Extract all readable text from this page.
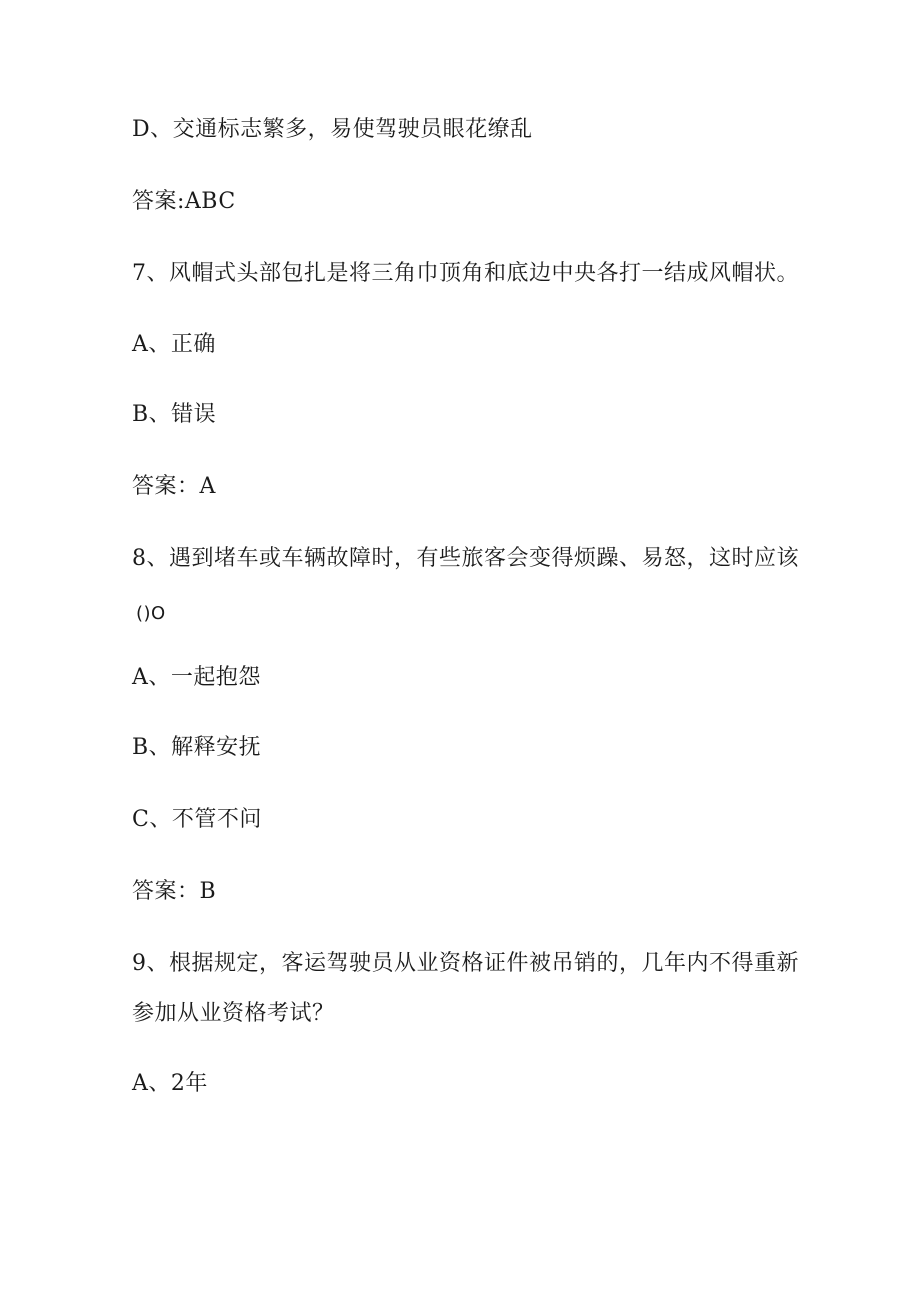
D、交通标志繁多，易使驾驶员眼花缭乱
答案:ABC
7、风帽式头部包扎是将三角巾顶角和底边中央各打一结成风帽状。
A、正确
B、错误
答案：A
8、遇到堵车或车辆故障时，有些旅客会变得烦躁、易怒，这时应该
()O
A、一起抱怨
B、解释安抚
C、不管不问
答案：B
9、根据规定，客运驾驶员从业资格证件被吊销的，几年内不得重新
参加从业资格考试？
A、2年
